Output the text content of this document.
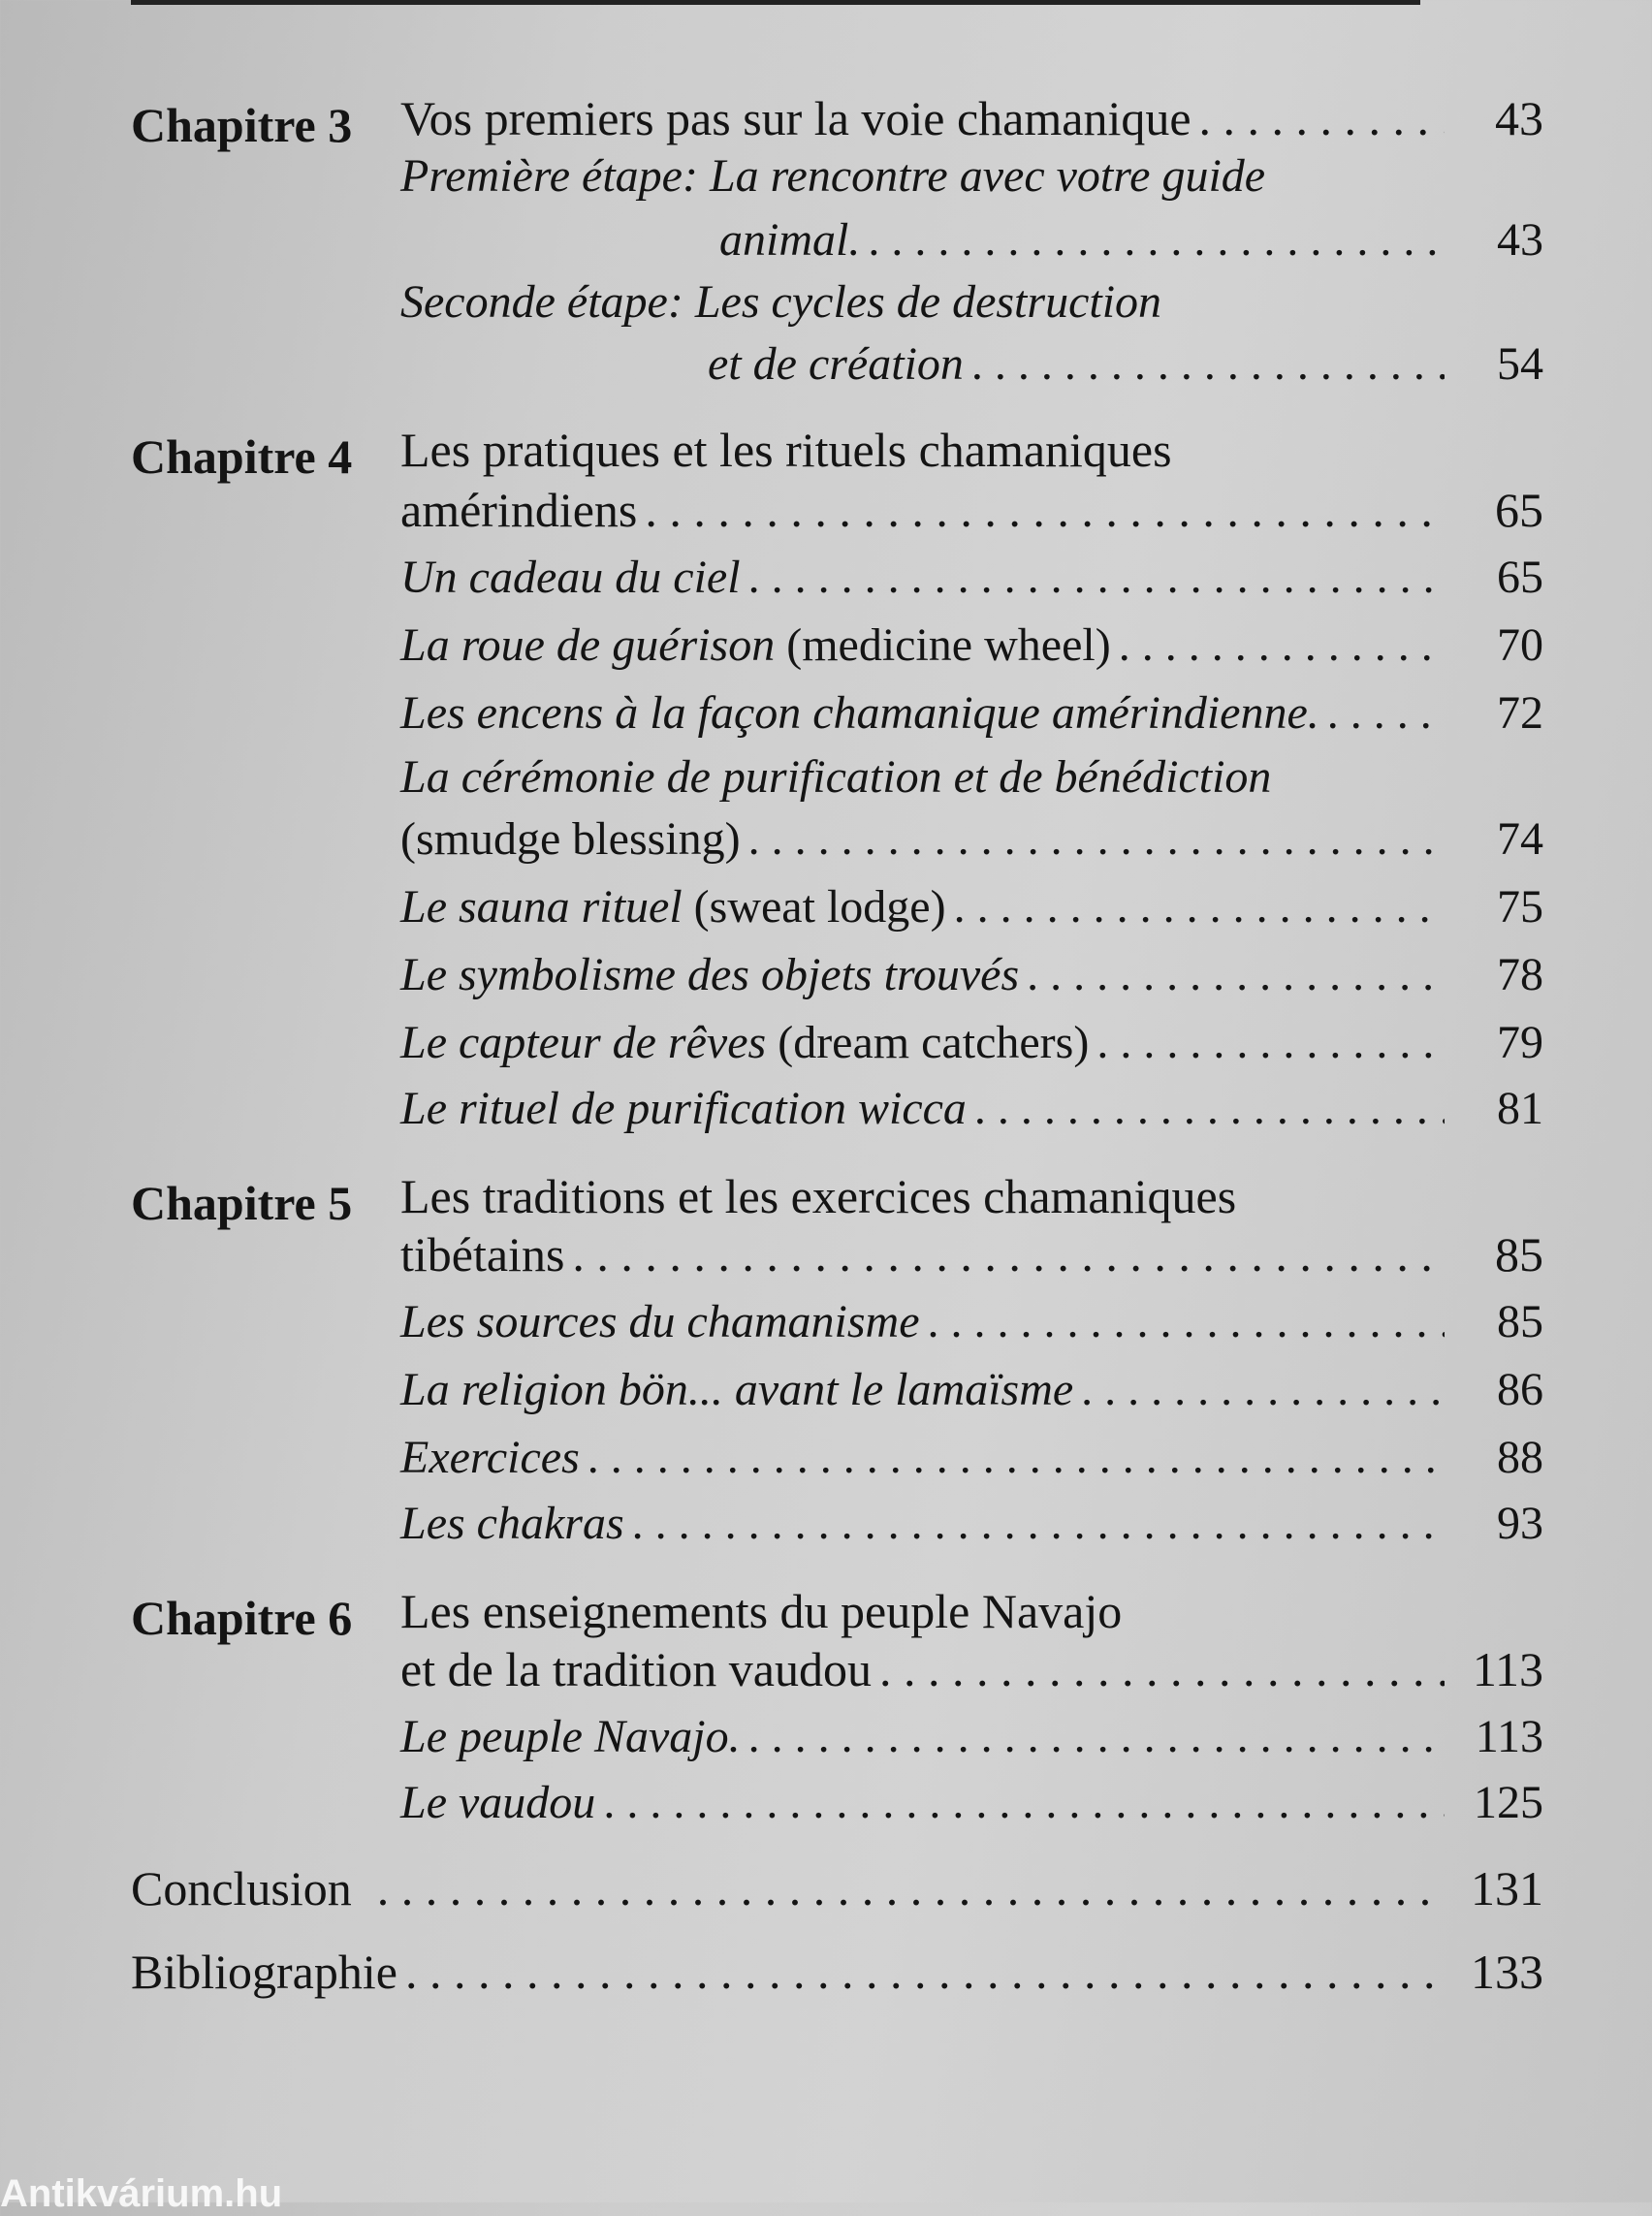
Chapitre 3 Vos premiers pas sur la voie chamanique . . .	43
Première étape: La rencontre avec votre guide
animal. . . .	43
Seconde étape: Les cycles de destruction
et de création . . .	54
Chapitre 4 Les pratiques et les rituels chamaniques
amérindiens . . .	65
Un cadeau du ciel . . .	65
La roue de guérison (medicine wheel) . . .	70
Les encens à la façon chamanique amérindienne. . . .	72
La cérémonie de purification et de bénédiction
(smudge blessing) . . .	74
Le sauna rituel (sweat lodge) . . .	75
Le symbolisme des objets trouvés . . .	78
Le capteur de rêves (dream catchers) . . .	79
Le rituel de purification wicca . . .	81
Chapitre 5 Les traditions et les exercices chamaniques
tibétains . . .	85
Les sources du chamanisme . . .	85
La religion bön... avant le lamaïsme . . .	86
Exercices . . .	88
Les chakras . . .	93
Chapitre 6 Les enseignements du peuple Navajo
et de la tradition vaudou . . .	113
Le peuple Navajo. . . .	113
Le vaudou . . .	125
Conclusion . . .	131
Bibliographie . . .	133
Antikvárium.hu
